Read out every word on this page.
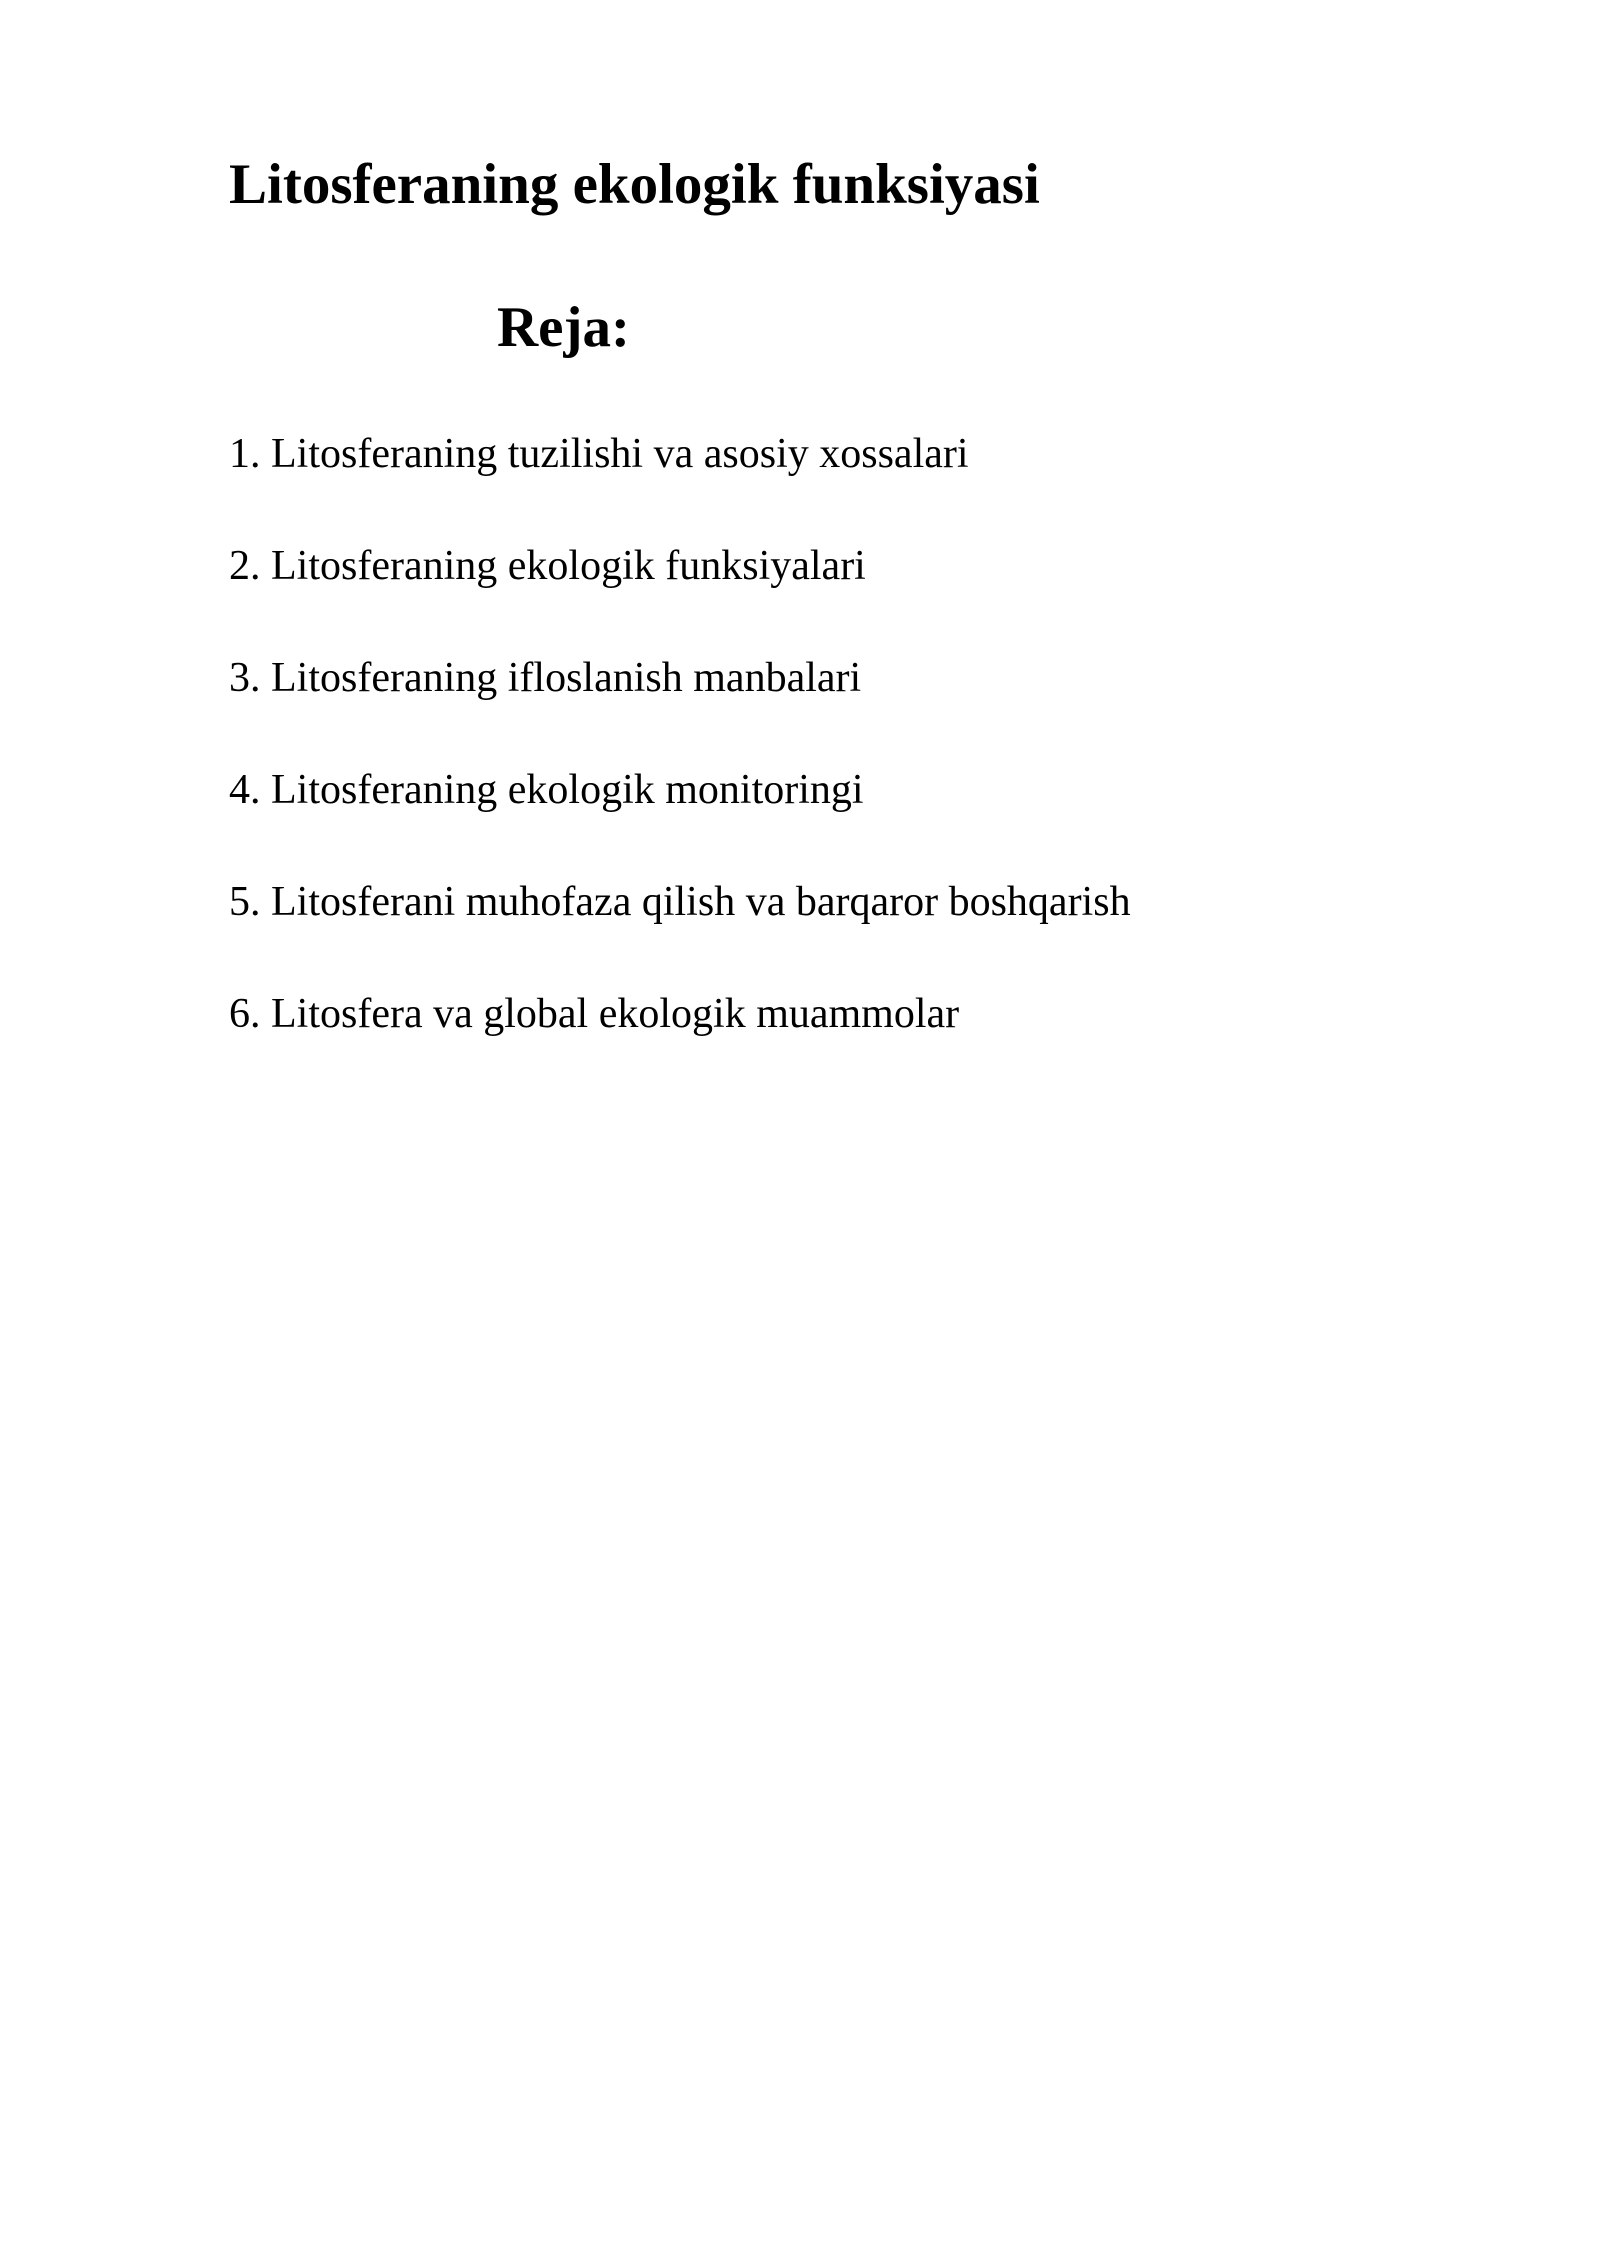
Litosferaning ekologik funksiyasi
Reja:
1. Litosferaning tuzilishi va asosiy xossalari
2. Litosferaning ekologik funksiyalari
3. Litosferaning ifloslanish manbalari
4. Litosferaning ekologik monitoringi
5. Litosferani muhofaza qilish va barqaror boshqarish
6. Litosfera va global ekologik muammolar
